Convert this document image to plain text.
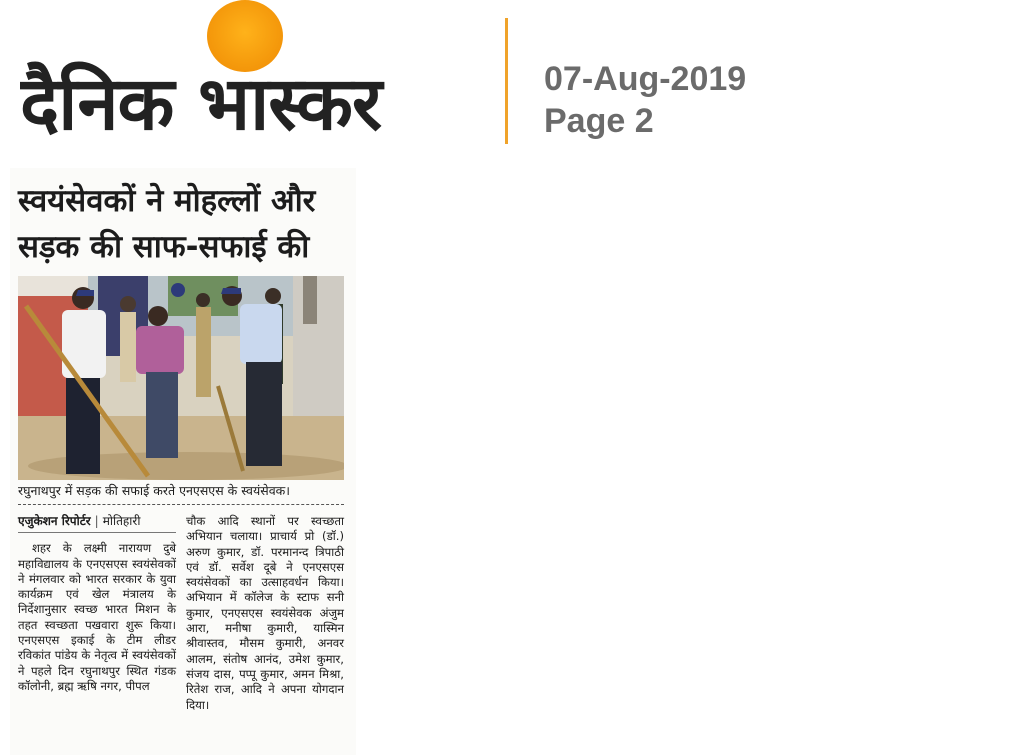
दैनिक भास्कर	07-Aug-2019
Page 2
स्वयंसेवकों ने मोहल्लों और सड़क की साफ-सफाई की
रघुनाथपुर में सड़क की सफाई करते एनएसएस के स्वयंसेवक।
एजुकेशन रिपोर्टर | मोतिहारी
शहर के लक्ष्मी नारायण दुबे महाविद्यालय के एनएसएस स्वयंसेवकों ने मंगलवार को भारत सरकार के युवा कार्यक्रम एवं खेल मंत्रालय के निर्देशानुसार स्वच्छ भारत मिशन के तहत स्वच्छता पखवारा शुरू किया। एनएसएस इकाई के टीम लीडर रविकांत पांडेय के नेतृत्व में स्वयंसेवकों ने पहले दिन रघुनाथपुर स्थित गंडक कॉलोनी, ब्रह्म ऋषि नगर, पीपल
चौक आदि स्थानों पर स्वच्छता अभियान चलाया। प्राचार्य प्रो (डॉ.) अरुण कुमार, डॉ. परमानन्द त्रिपाठी एवं डॉ. सर्वेश दूबे ने एनएसएस स्वयंसेवकों का उत्साहवर्धन किया। अभियान में कॉलेज के स्टाफ सनी कुमार, एनएसएस स्वयंसेवक अंजुम आरा, मनीषा कुमारी, यास्मिन श्रीवास्तव, मौसम कुमारी, अनवर आलम, संतोष आनंद, उमेश कुमार, संजय दास, पप्पू कुमार, अमन मिश्रा, रितेश राज, आदि ने अपना योगदान दिया।
